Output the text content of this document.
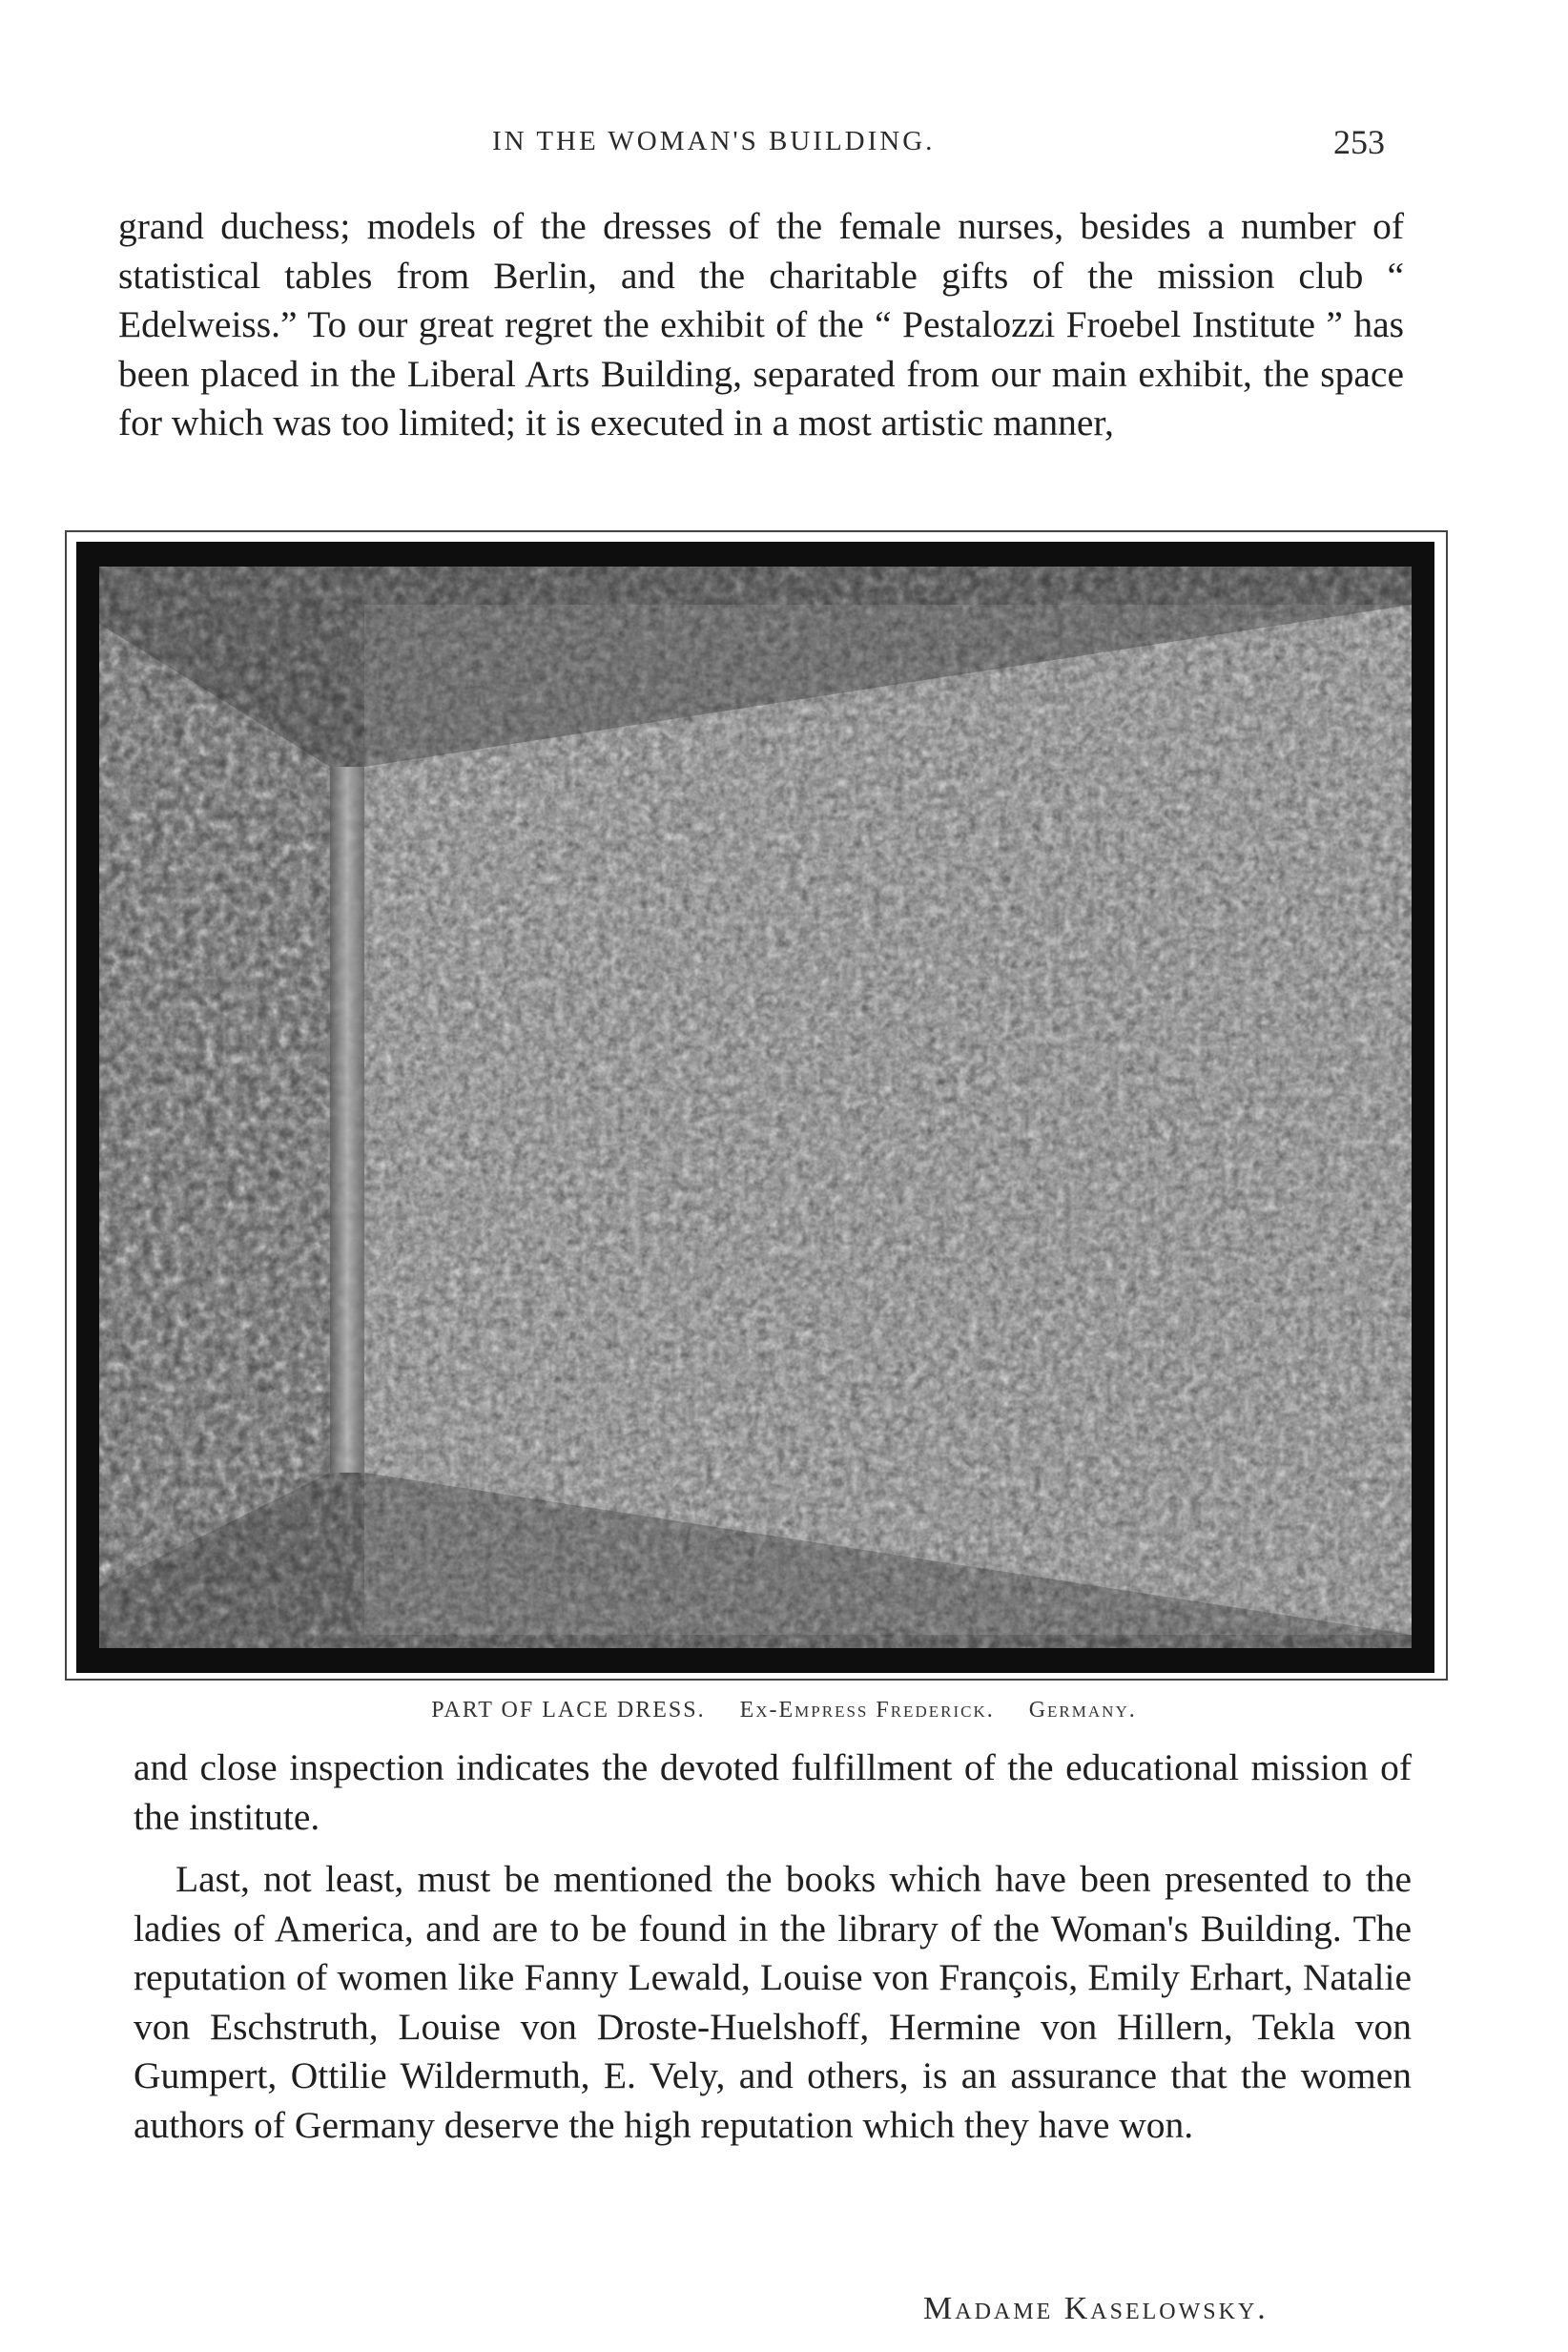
IN THE WOMAN'S BUILDING.	253

grand duchess; models of the dresses of the female nurses, besides a number of statistical tables from Berlin, and the charitable gifts of the mission club “ Edelweiss.” To our great regret the exhibit of the “ Pestalozzi Froebel Institute ” has been placed in the Liberal Arts Building, separated from our main exhibit, the space for which was too limited; it is executed in a most artistic manner,

PART OF LACE DRESS. Ex-Empress Frederick. Germany.

and close inspection indicates the devoted fulfillment of the educational mission of the institute.

Last, not least, must be mentioned the books which have been presented to the ladies of America, and are to be found in the library of the Woman's Building. The reputation of women like Fanny Lewald, Louise von François, Emily Erhart, Natalie von Eschstruth, Louise von Droste-Huelshoff, Hermine von Hillern, Tekla von Gumpert, Ottilie Wildermuth, E. Vely, and others, is an assurance that the women authors of Germany deserve the high reputation which they have won.

Madame Kaselowsky.
